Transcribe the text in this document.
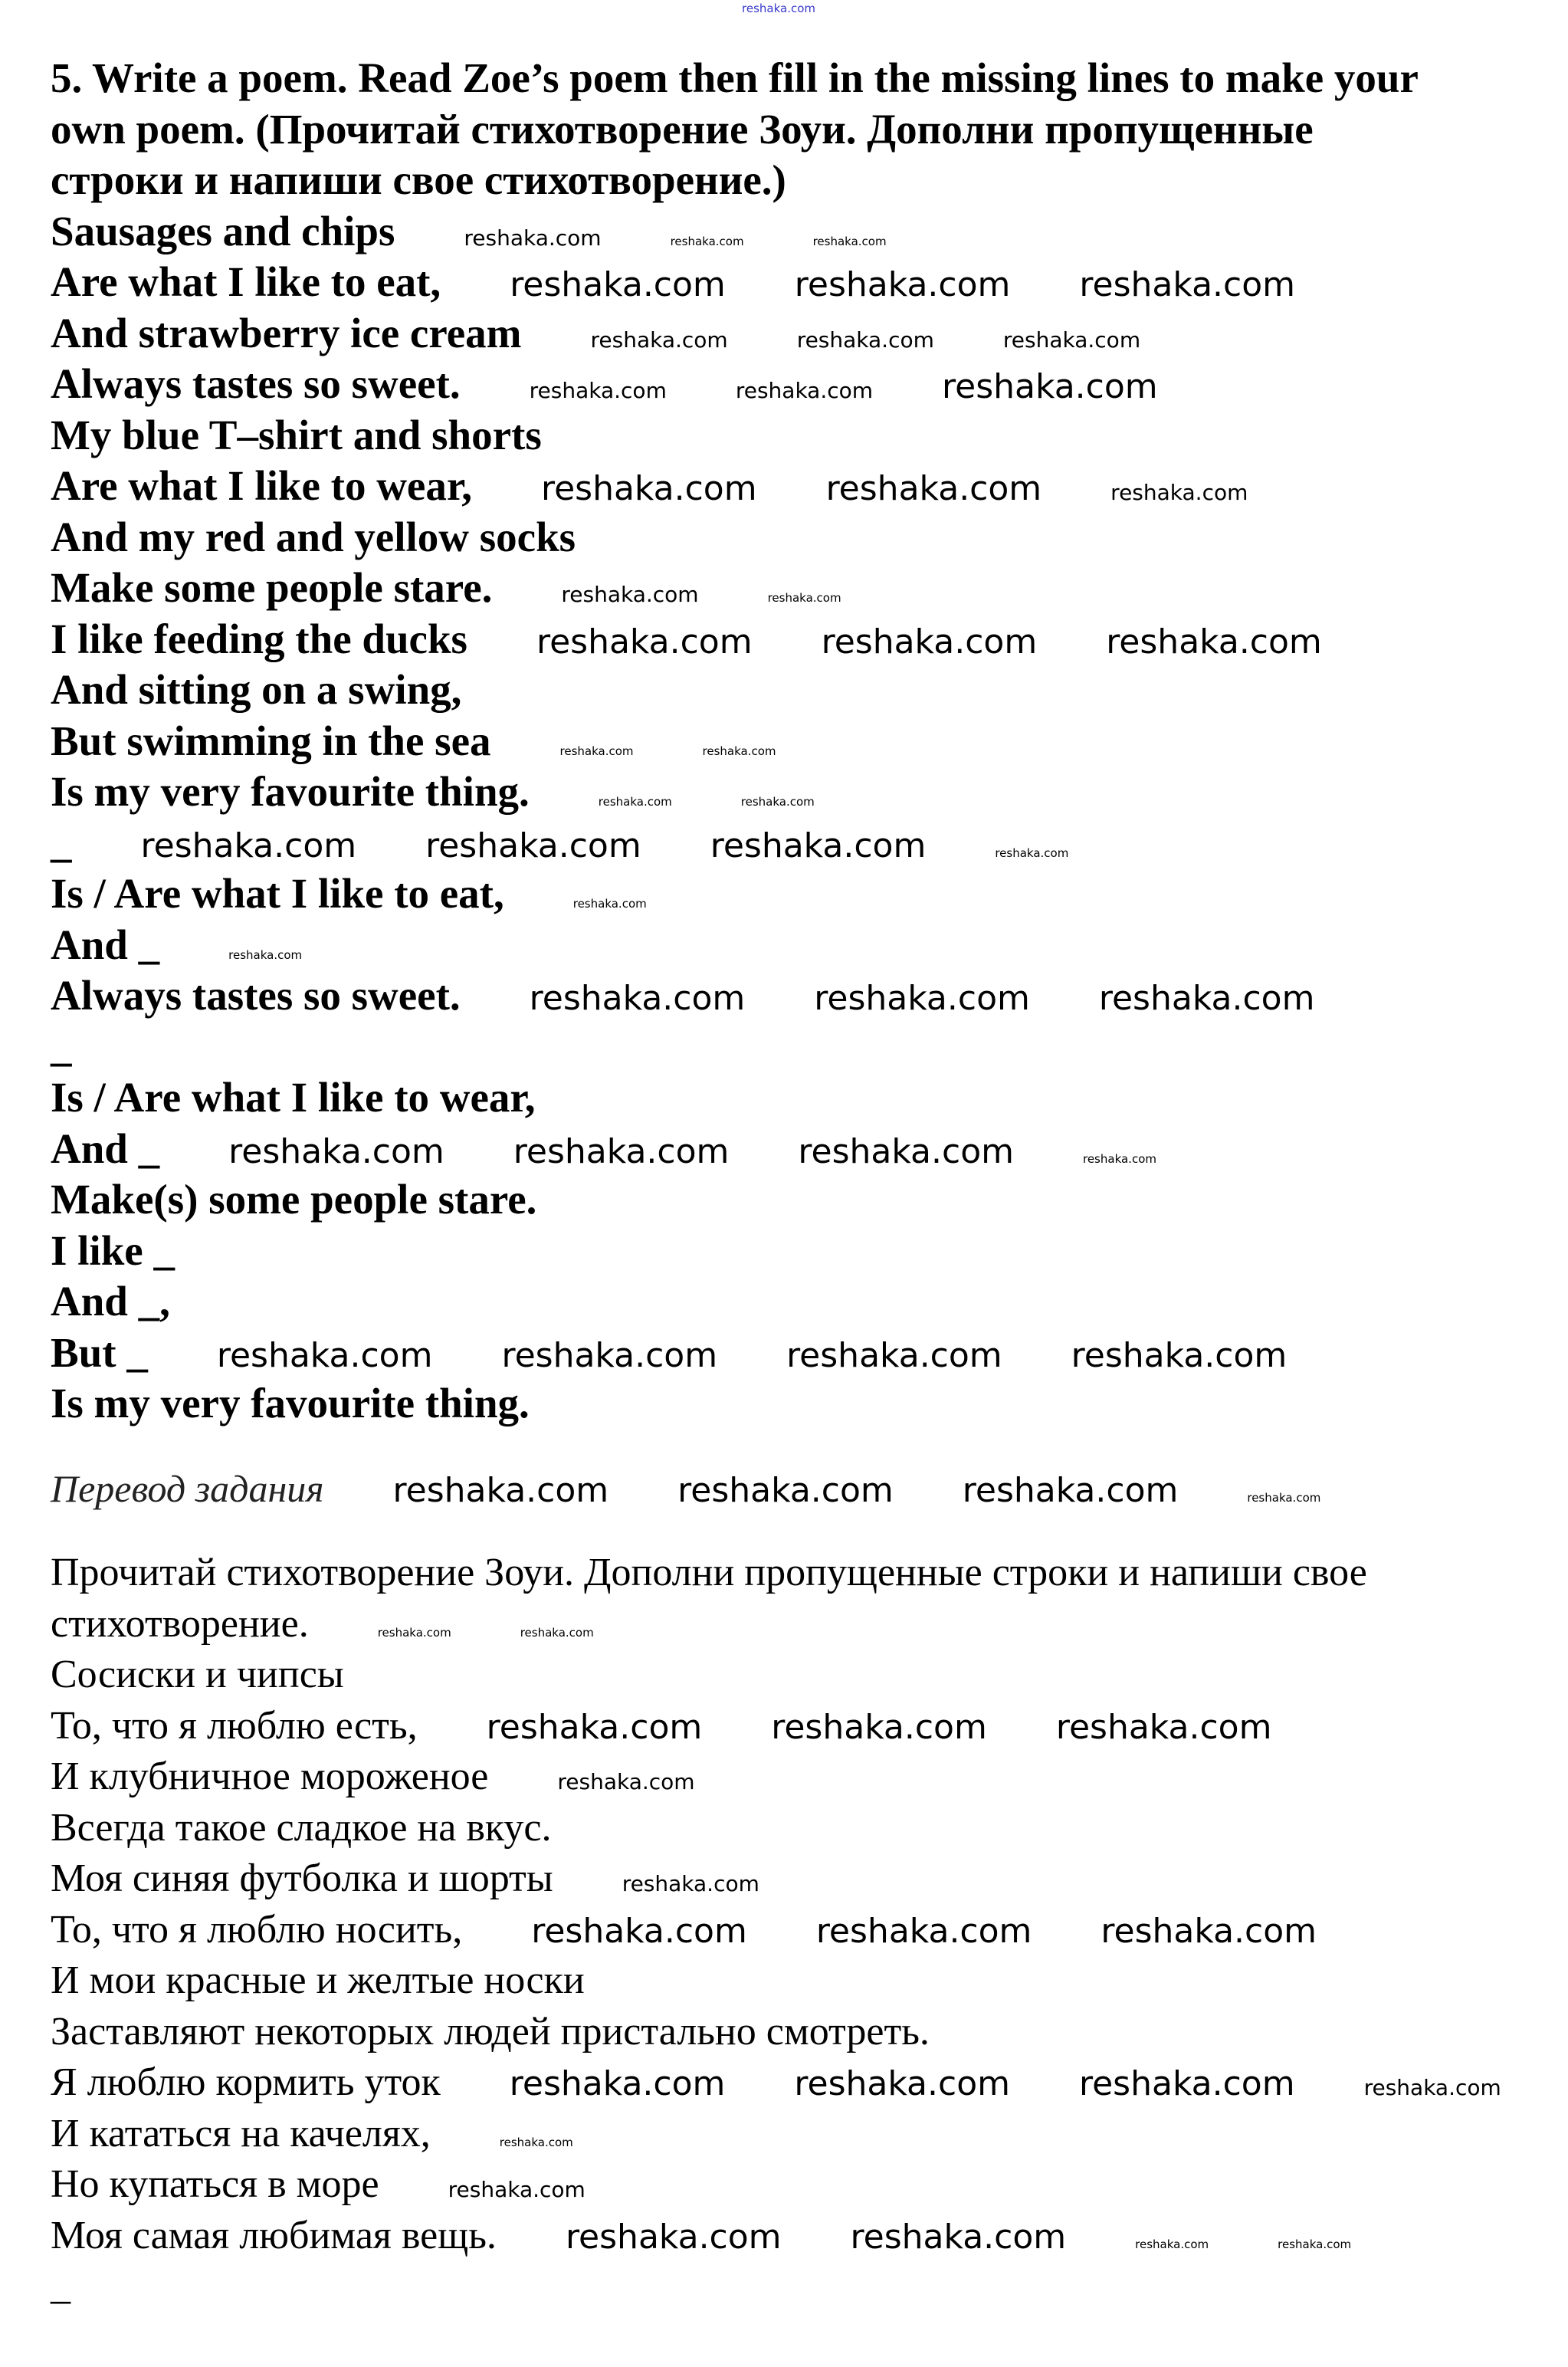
5. Write a poem. Read Zoe’s poem then fill in the missing lines to make your
own poem. (Прочитай стихотворение Зоуи. Дополни пропущенные
строки и напиши свое стихотворение.)
Sausages and chips	reshaka.com	reshaka.com	reshaka.com
Are what I like to eat, reshaka.com reshaka.com reshaka.com
And strawberry ice cream	reshaka.com	reshaka.com	reshaka.com
Always tastes so sweet.	reshaka.com	reshaka.com reshaka.com
My blue T–shirt and shorts
Are what I like to wear, reshaka.com reshaka.com	reshaka.com
And my red and yellow socks
Make some people stare.	reshaka.com	reshaka.com
I like feeding the ducks reshaka.com reshaka.com reshaka.com
And sitting on a swing,
But swimming in the sea	reshaka.com	reshaka.com
Is my very favourite thing.	reshaka.com	reshaka.com
_ reshaka.com reshaka.com reshaka.com	reshaka.com
Is / Are what I like to eat,	reshaka.com
And _	reshaka.com
Always tastes so sweet. reshaka.com reshaka.com reshaka.com
_
Is / Are what I like to wear,
And _ reshaka.com reshaka.com reshaka.com	reshaka.com
Make(s) some people stare.
I like _
And _,
But _ reshaka.com reshaka.com reshaka.com reshaka.com
Is my very favourite thing.
Перевод задания reshaka.com reshaka.com reshaka.com	reshaka.com
Прочитай стихотворение Зоуи. Дополни пропущенные строки и напиши свое
стихотворение.	reshaka.com	reshaka.com
Сосиски и чипсы
То, что я люблю есть, reshaka.com reshaka.com reshaka.com
И клубничное мороженое	reshaka.com
Всегда такое сладкое на вкус.
Моя синяя футболка и шорты	reshaka.com
То, что я люблю носить, reshaka.com reshaka.com reshaka.com
И мои красные и желтые носки
Заставляют некоторых людей пристально смотреть.
Я люблю кормить уток reshaka.com reshaka.com reshaka.com	reshaka.com
И кататься на качелях,	reshaka.com
Но купаться в море	reshaka.com
Моя самая любимая вещь. reshaka.com reshaka.com	reshaka.com	reshaka.com
_
reshaka.com
